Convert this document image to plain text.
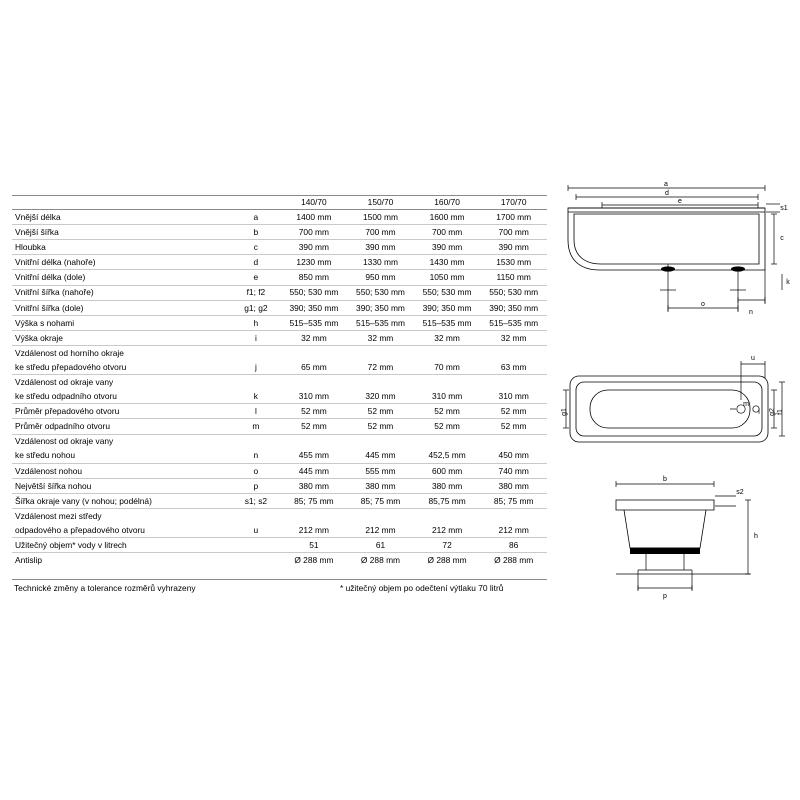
		140/70	150/70	160/70	170/70
Vnější délka	a	1400 mm	1500 mm	1600 mm	1700 mm
Vnější šířka	b	700 mm	700 mm	700 mm	700 mm
Hloubka	c	390 mm	390 mm	390 mm	390 mm
Vnitřní délka (nahoře)	d	1230 mm	1330 mm	1430 mm	1530 mm
Vnitřní délka (dole)	e	850 mm	950 mm	1050 mm	1150 mm
Vnitřní šířka (nahoře)	f1; f2	550; 530 mm	550; 530 mm	550; 530 mm	550; 530 mm
Vnitřní šířka (dole)	g1; g2	390; 350 mm	390; 350 mm	390; 350 mm	390; 350 mm
Výška s nohami	h	515–535 mm	515–535 mm	515–535 mm	515–535 mm
Výška okraje	i	32 mm	32 mm	32 mm	32 mm
Vzdálenost od horního okraje					
ke středu přepadového otvoru	j	65 mm	72 mm	70 mm	63 mm
Vzdálenost od okraje vany					
ke středu odpadního otvoru	k	310 mm	320 mm	310 mm	310 mm
Průměr přepadového otvoru	l	52 mm	52 mm	52 mm	52 mm
Průměr odpadního otvoru	m	52 mm	52 mm	52 mm	52 mm
Vzdálenost od okraje vany					
ke středu nohou	n	455 mm	445 mm	452,5 mm	450 mm
Vzdálenost nohou	o	445 mm	555 mm	600 mm	740 mm
Největší šířka nohou	p	380 mm	380 mm	380 mm	380 mm
Šířka okraje vany (v nohou; podélná)	s1; s2	85; 75 mm	85; 75 mm	85,75 mm	85; 75 mm
Vzdálenost mezi středy					
odpadového a přepadového otvoru	u	212 mm	212 mm	212 mm	212 mm
Užitečný objem* vody v litrech		51	61	72	86
Antislip		Ø 288 mm	Ø 288 mm	Ø 288 mm	Ø 288 mm
Technické změny a tolerance rozměrů vyhrazeny	* užitečný objem po odečtení výtlaku 70 litrů
a
d
e
s1
c
k
o
n
u
m
l
g1	g2 f1
b
s2
h
p
